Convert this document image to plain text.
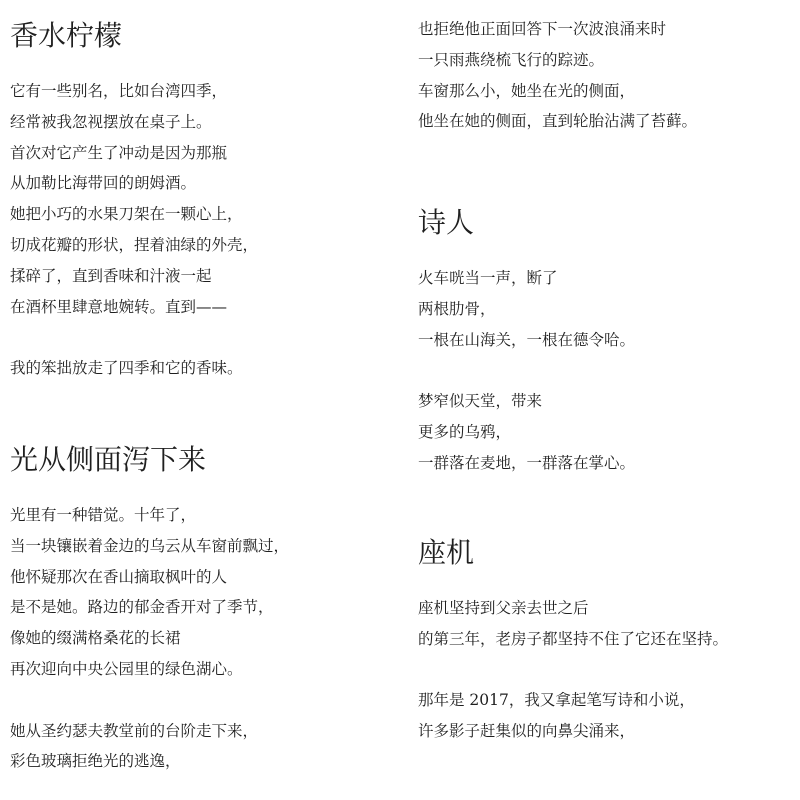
香水柠檬
它有一些别名，比如台湾四季，
经常被我忽视摆放在桌子上。
首次对它产生了冲动是因为那瓶
从加勒比海带回的朗姆酒。
她把小巧的水果刀架在一颗心上，
切成花瓣的形状，捏着油绿的外壳，
揉碎了，直到香味和汁液一起
在酒杯里肆意地婉转。直到——
我的笨拙放走了四季和它的香味。
光从侧面泻下来
光里有一种错觉。十年了，
当一块镶嵌着金边的乌云从车窗前飘过，
他怀疑那次在香山摘取枫叶的人
是不是她。路边的郁金香开对了季节，
像她的缀满格桑花的长裙
再次迎向中央公园里的绿色湖心。
她从圣约瑟夫教堂前的台阶走下来，
彩色玻璃拒绝光的逃逸，
也拒绝他正面回答下一次波浪涌来时
一只雨燕绕梳飞行的踪迹。
车窗那么小，她坐在光的侧面，
他坐在她的侧面，直到轮胎沾满了苔藓。
诗人
火车咣当一声，断了
两根肋骨，
一根在山海关，一根在德令哈。
梦窄似天堂，带来
更多的乌鸦，
一群落在麦地，一群落在掌心。
座机
座机坚持到父亲去世之后
的第三年，老房子都坚持不住了它还在坚持。
那年是 2017，我又拿起笔写诗和小说，
许多影子赶集似的向鼻尖涌来，
